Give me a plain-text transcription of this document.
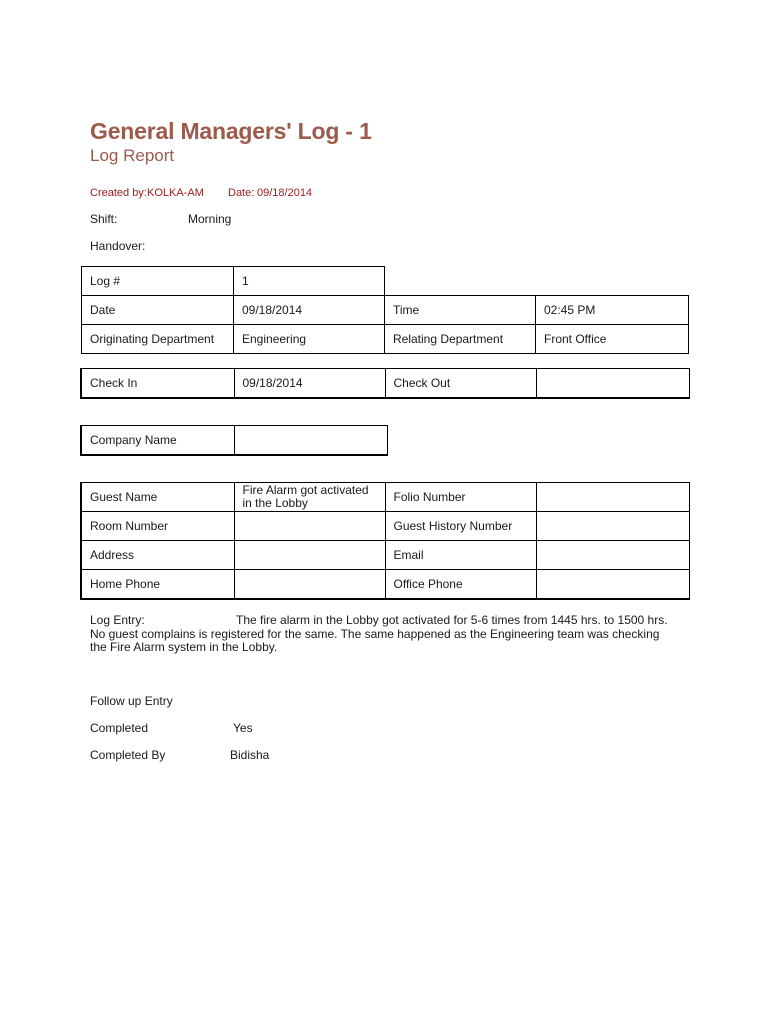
General Managers' Log - 1
Log Report
Created by: KOLKA-AM Date: 09/18/2014
Shift:	Morning
Handover:
Log #	1		
Date	09/18/2014	Time	02:45 PM
Originating Department	Engineering	Relating Department	Front Office
Check In	09/18/2014	Check Out	
Company Name	
Guest Name	Fire Alarm got activated in the Lobby	Folio Number	
Room Number		Guest History Number	
Address		Email	
Home Phone		Office Phone	
Log Entry:	The fire alarm in the Lobby got activated for 5-6 times from 1445 hrs. to 1500 hrs. No guest complains is registered for the same. The same happened as the Engineering team was checking the Fire Alarm system in the Lobby.
Follow up Entry
Completed	Yes
Completed By	Bidisha
